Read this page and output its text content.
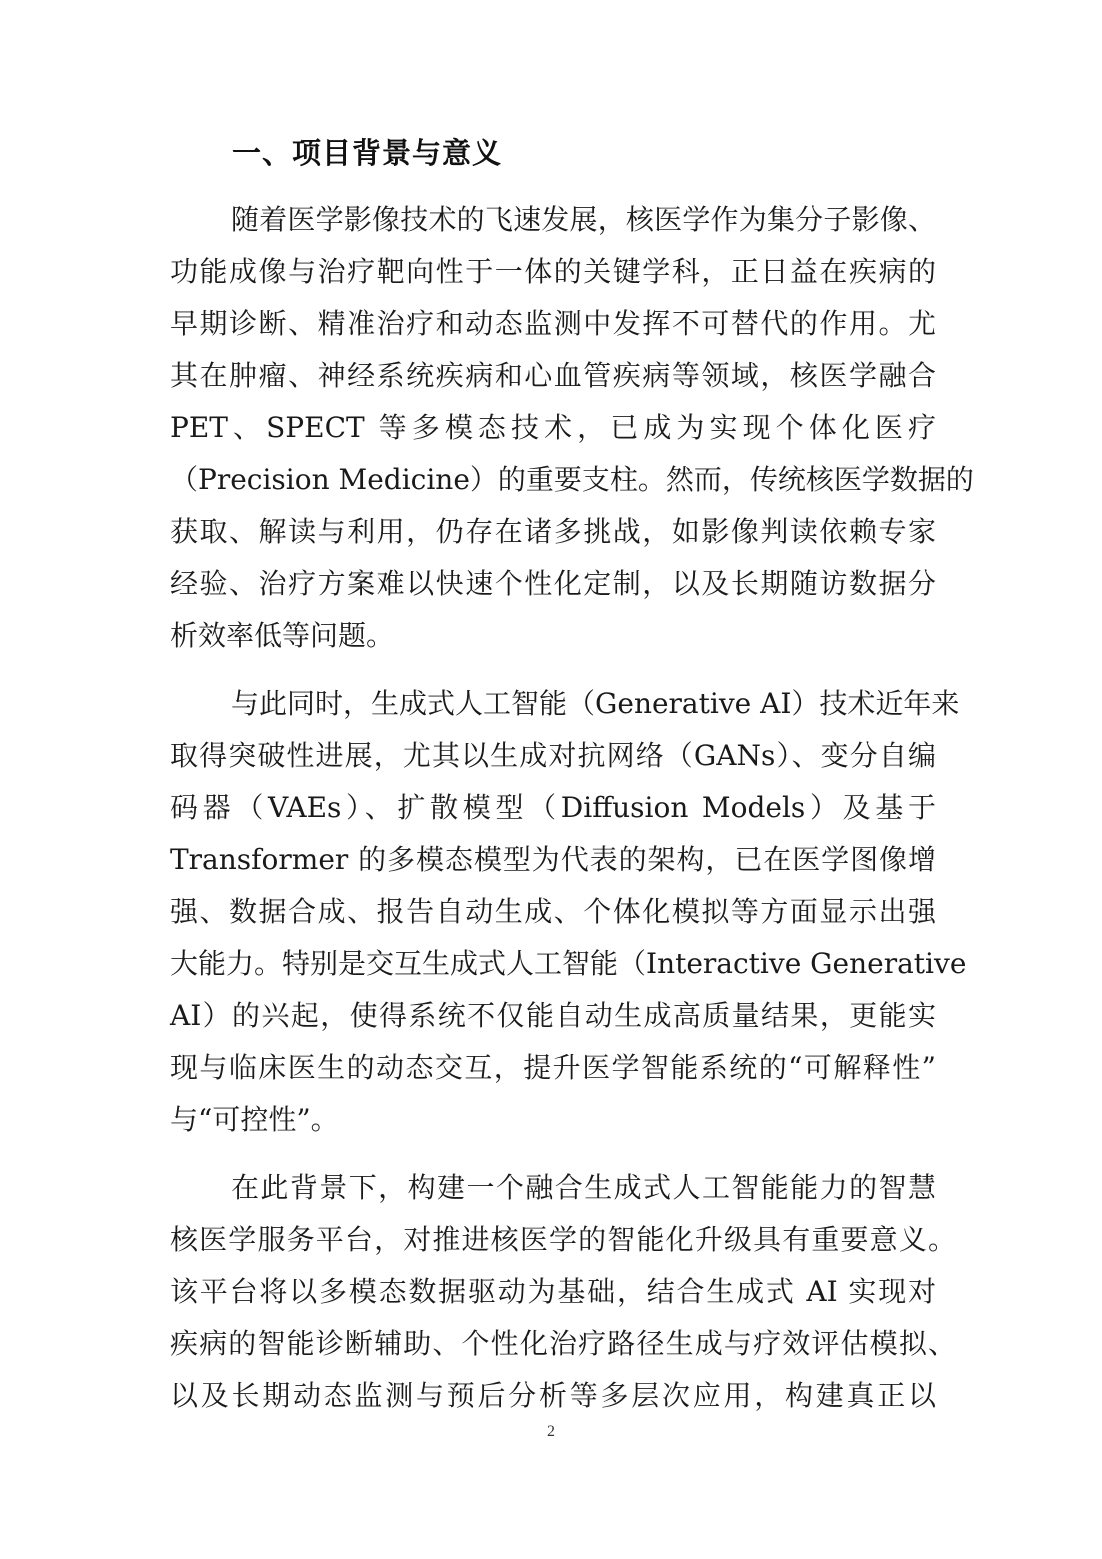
一、项目背景与意义

随着医学影像技术的飞速发展，核医学作为集分子影像、

功能成像与治疗靶向性于一体的关键学科，正日益在疾病的

早期诊断、精准治疗和动态监测中发挥不可替代的作用。尤

其在肿瘤、神经系统疾病和心血管疾病等领域，核医学融合

PET、SPECT 等多模态技术，已成为实现个体化医疗

（Precision Medicine）的重要支柱。然而，传统核医学数据的

获取、解读与利用，仍存在诸多挑战，如影像判读依赖专家

经验、治疗方案难以快速个性化定制，以及长期随访数据分

析效率低等问题。

与此同时，生成式人工智能（Generative AI）技术近年来

取得突破性进展，尤其以生成对抗网络（GANs）、变分自编

码器（VAEs）、扩散模型（Diffusion Models）及基于

Transformer 的多模态模型为代表的架构，已在医学图像增

强、数据合成、报告自动生成、个体化模拟等方面显示出强

大能力。特别是交互生成式人工智能（Interactive Generative

AI）的兴起，使得系统不仅能自动生成高质量结果，更能实

现与临床医生的动态交互，提升医学智能系统的“可解释性”

与“可控性”。

在此背景下，构建一个融合生成式人工智能能力的智慧

核医学服务平台，对推进核医学的智能化升级具有重要意义。

该平台将以多模态数据驱动为基础，结合生成式 AI 实现对

疾病的智能诊断辅助、个性化治疗路径生成与疗效评估模拟、

以及长期动态监测与预后分析等多层次应用，构建真正以

2
